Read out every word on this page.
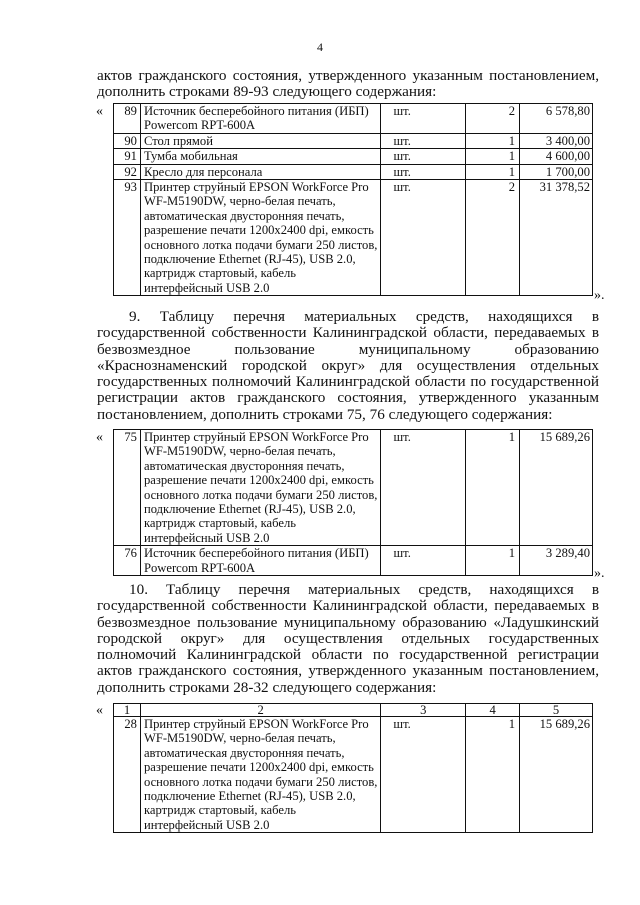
4

актов гражданского состояния, утвержденного указанным постановлением, дополнить строками 89-93 следующего содержания:

« 89	Источник бесперебойного питания (ИБП) Powercom RPT-600A	шт.	2	6 578,80
90	Стол прямой	шт.	1	3 400,00
91	Тумба мобильная	шт.	1	4 600,00
92	Кресло для персонала	шт.	1	1 700,00
93	Принтер струйный EPSON WorkForce Pro WF-M5190DW, черно-белая печать, автоматическая двусторонняя печать, разрешение печати 1200x2400 dpi, емкость основного лотка подачи бумаги 250 листов, подключение Ethernet (RJ-45), USB 2.0, картридж стартовый, кабель интерфейсный USB 2.0	шт.	2	31 378,52
».

9. Таблицу перечня материальных средств, находящихся в государственной собственности Калининградской области, передаваемых в безвозмездное пользование муниципальному образованию «Краснознаменский городской округ» для осуществления отдельных государственных полномочий Калининградской области по государственной регистрации актов гражданского состояния, утвержденного указанным постановлением, дополнить строками 75, 76 следующего содержания:

« 75	Принтер струйный EPSON WorkForce Pro WF-M5190DW, черно-белая печать, автоматическая двусторонняя печать, разрешение печати 1200x2400 dpi, емкость основного лотка подачи бумаги 250 листов, подключение Ethernet (RJ-45), USB 2.0, картридж стартовый, кабель интерфейсный USB 2.0	шт.	1	15 689,26
76	Источник бесперебойного питания (ИБП) Powercom RPT-600A	шт.	1	3 289,40
».

10. Таблицу перечня материальных средств, находящихся в государственной собственности Калининградской области, передаваемых в безвозмездное пользование муниципальному образованию «Ладушкинский городской округ» для осуществления отдельных государственных полномочий Калининградской области по государственной регистрации актов гражданского состояния, утвержденного указанным постановлением, дополнить строками 28-32 следующего содержания:

« 1	2	3	4	5
28	Принтер струйный EPSON WorkForce Pro WF-M5190DW, черно-белая печать, автоматическая двусторонняя печать, разрешение печати 1200x2400 dpi, емкость основного лотка подачи бумаги 250 листов, подключение Ethernet (RJ-45), USB 2.0, картридж стартовый, кабель интерфейсный USB 2.0	шт.	1	15 689,26
